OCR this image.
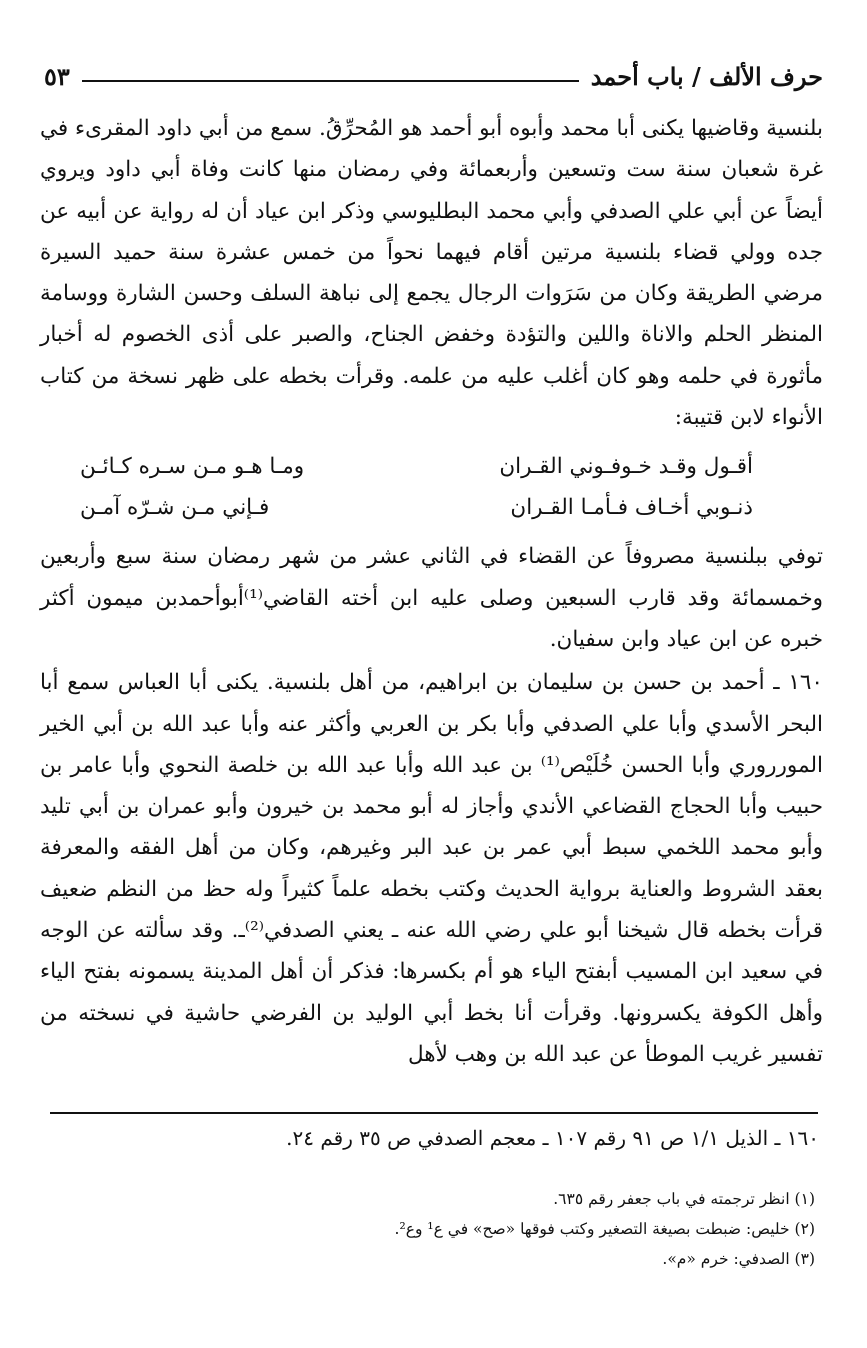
حرف الألف / باب أحمد
٥٣

بلنسية وقاضيها يكنى أبا محمد وأبوه أبو أحمد هو المُحرِّقُ. سمع من أبي داود المقرىء في غرة شعبان سنة ست وتسعين وأربعمائة وفي رمضان منها كانت وفاة أبي داود ويروي أيضاً عن أبي علي الصدفي وأبي محمد البطليوسي وذكر ابن عياد أن له رواية عن أبيه عن جده وولي قضاء بلنسية مرتين أقام فيهما نحواً من خمس عشرة سنة حميد السيرة مرضي الطريقة وكان من سَرَوات الرجال يجمع إلى نباهة السلف وحسن الشارة ووسامة المنظر الحلم والاناة واللين والتؤدة وخفض الجناح، والصبر على أذى الخصوم له أخبار مأثورة في حلمه وهو كان أغلب عليه من علمه. وقرأت بخطه على ظهر نسخة من كتاب الأنواء لابن قتيبة:

أقـول وقـد خـوفـوني القـران
ومـا هـو مـن سـره كـائـن
ذنـوبي أخـاف فـأمـا القـران
فـإني مـن شـرّه آمـن

توفي ببلنسية مصروفاً عن القضاء في الثاني عشر من شهر رمضان سنة سبع وأربعين وخمسمائة وقد قارب السبعين وصلى عليه ابن أخته القاضي⁽¹⁾أبوأحمدبن ميمون أكثر خبره عن ابن عياد وابن سفيان.

١٦٠ ـ أحمد بن حسن بن سليمان بن ابراهيم، من أهل بلنسية. يكنى أبا العباس سمع أبا البحر الأسدي وأبا علي الصدفي وأبا بكر بن العربي وأكثر عنه وأبا عبد الله بن أبي الخير المورروري وأبا الحسن خُلَيْص⁽¹⁾ بن عبد الله وأبا عبد الله بن خلصة النحوي وأبا عامر بن حبيب وأبا الحجاج القضاعي الأندي وأجاز له أبو محمد بن خيرون وأبو عمران بن أبي تليد وأبو محمد اللخمي سبط أبي عمر بن عبد البر وغيرهم، وكان من أهل الفقه والمعرفة بعقد الشروط والعناية برواية الحديث وكتب بخطه علماً كثيراً وله حظ من النظم ضعيف قرأت بخطه قال شيخنا أبو علي رضي الله عنه ـ يعني الصدفي⁽²⁾ـ. وقد سألته عن الوجه في سعيد ابن المسيب أبفتح الياء هو أم بكسرها: فذكر أن أهل المدينة يسمونه بفتح الياء وأهل الكوفة يكسرونها. وقرأت أنا بخط أبي الوليد بن الفرضي حاشية في نسخته من تفسير غريب الموطأ عن عبد الله بن وهب لأهل

١٦٠ ـ الذيل ١/١ ص ٩١ رقم ١٠٧ ـ معجم الصدفي ص ٣٥ رقم ٢٤.
(١) انظر ترجمته في باب جعفر رقم ٦٣٥.
(٢) خليص: ضبطت بصيغة التصغير وكتب فوقها «صح» في ع¹ وع².
(٣) الصدفي: خرم «م».
